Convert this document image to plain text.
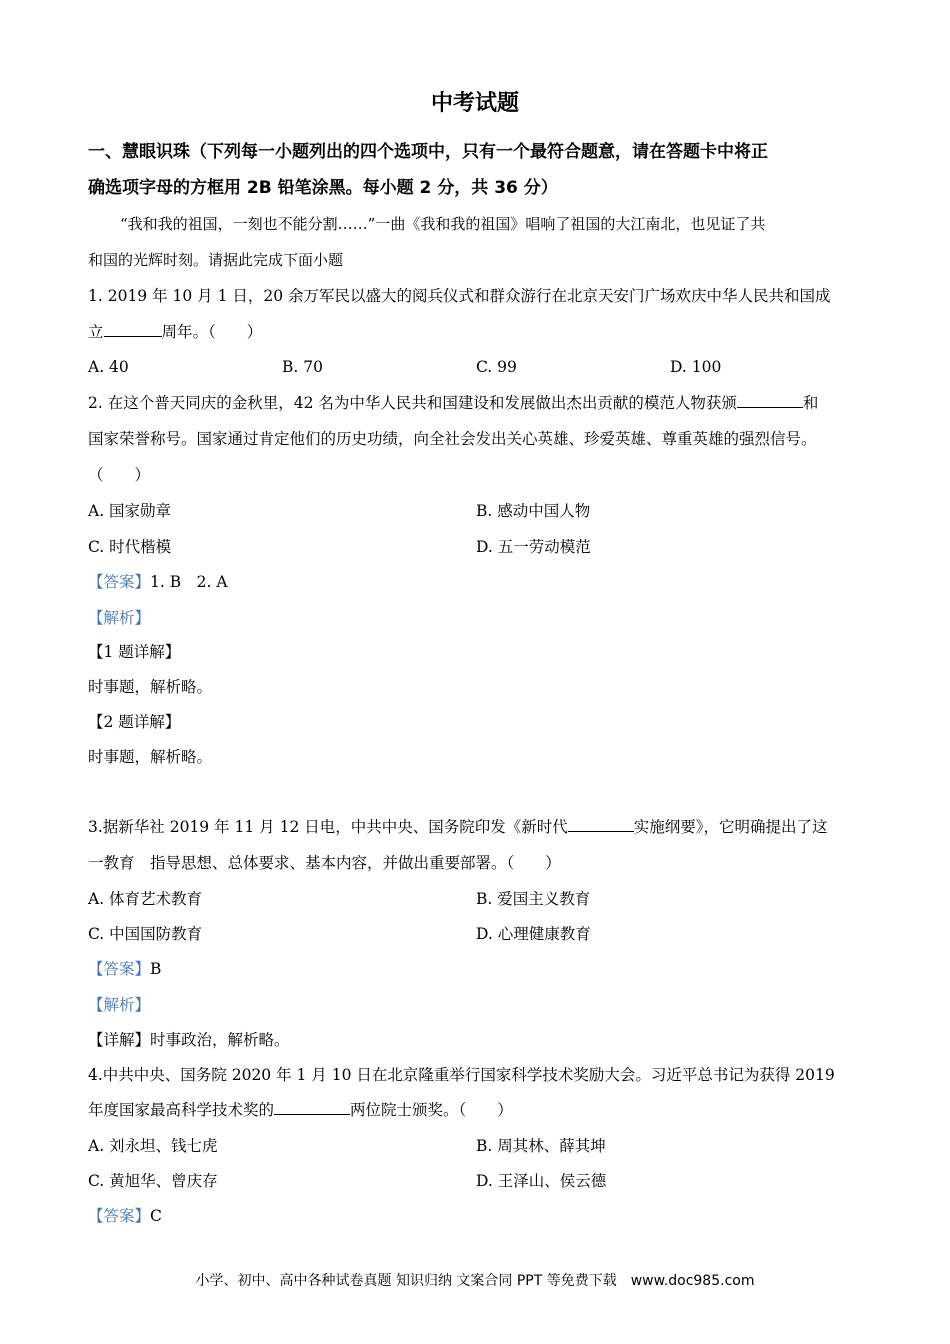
中考试题
一、慧眼识珠（下列每一小题列出的四个选项中，只有一个最符合题意，请在答题卡中将正
确选项字母的方框用 2B 铅笔涂黑。每小题 2 分，共 36 分）
“我和我的祖国，一刻也不能分割……”一曲《我和我的祖国》唱响了祖国的大江南北，也见证了共
和国的光辉时刻。请据此完成下面小题
1. 2019 年 10 月 1 日，20 余万军民以盛大的阅兵仪式和群众游行在北京天安门广场欢庆中华人民共和国成
立	周年。（　　）
A. 40	B. 70	C. 99	D. 100
2. 在这个普天同庆的金秋里，42 名为中华人民共和国建设和发展做出杰出贡献的模范人物获颁	和
国家荣誉称号。国家通过肯定他们的历史功绩，向全社会发出关心英雄、珍爱英雄、尊重英雄的强烈信号。
（　　）
A. 国家勋章	B. 感动中国人物
C. 时代楷模	D. 五一劳动模范
【答案】1. B　2. A
【解析】
【1 题详解】
时事题，解析略。
【2 题详解】
时事题，解析略。
3.据新华社 2019 年 11 月 12 日电，中共中央、国务院印发《新时代	实施纲要》，它明确提出了这
一教育　指导思想、总体要求、基本内容，并做出重要部署。（　　）
A. 体育艺术教育	B. 爱国主义教育
C. 中国国防教育	D. 心理健康教育
【答案】B
【解析】
【详解】时事政治，解析略。
4.中共中央、国务院 2020 年 1 月 10 日在北京隆重举行国家科学技术奖励大会。习近平总书记为获得 2019
年度国家最高科学技术奖的	两位院士颁奖。（　　）
A. 刘永坦、钱七虎	B. 周其林、薛其坤
C. 黄旭华、曾庆存	D. 王泽山、侯云德
【答案】C
小学、初中、高中各种试卷真题 知识归纳 文案合同 PPT 等免费下载　www.doc985.com
